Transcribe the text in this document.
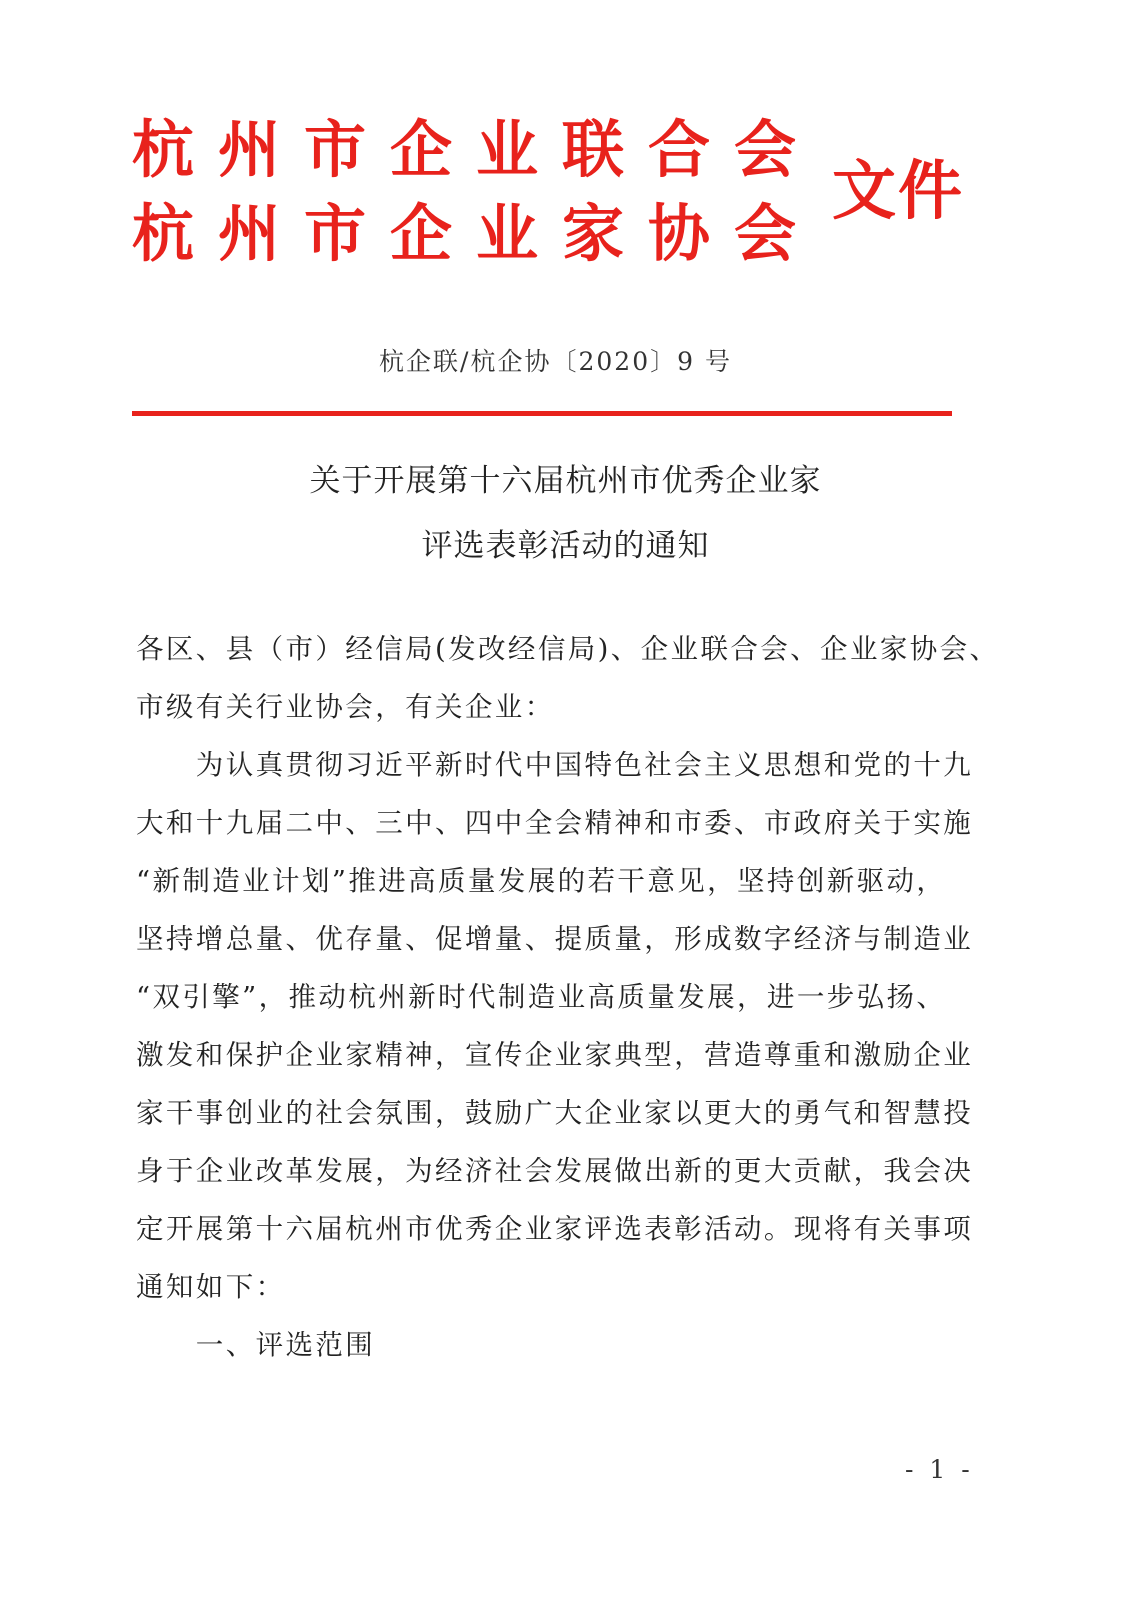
杭州市企业联合会
杭州市企业家协会
文件
杭企联/杭企协〔2020〕9 号
关于开展第十六届杭州市优秀企业家
评选表彰活动的通知
各区、县（市）经信局(发改经信局)、企业联合会、企业家协会、
市级有关行业协会，有关企业：
　　为认真贯彻习近平新时代中国特色社会主义思想和党的十九
大和十九届二中、三中、四中全会精神和市委、市政府关于实施
“新制造业计划”推进高质量发展的若干意见，坚持创新驱动，
坚持增总量、优存量、促增量、提质量，形成数字经济与制造业
“双引擎”，推动杭州新时代制造业高质量发展，进一步弘扬、
激发和保护企业家精神，宣传企业家典型，营造尊重和激励企业
家干事创业的社会氛围，鼓励广大企业家以更大的勇气和智慧投
身于企业改革发展，为经济社会发展做出新的更大贡献，我会决
定开展第十六届杭州市优秀企业家评选表彰活动。现将有关事项
通知如下：
　　一、评选范围
- 1 -
